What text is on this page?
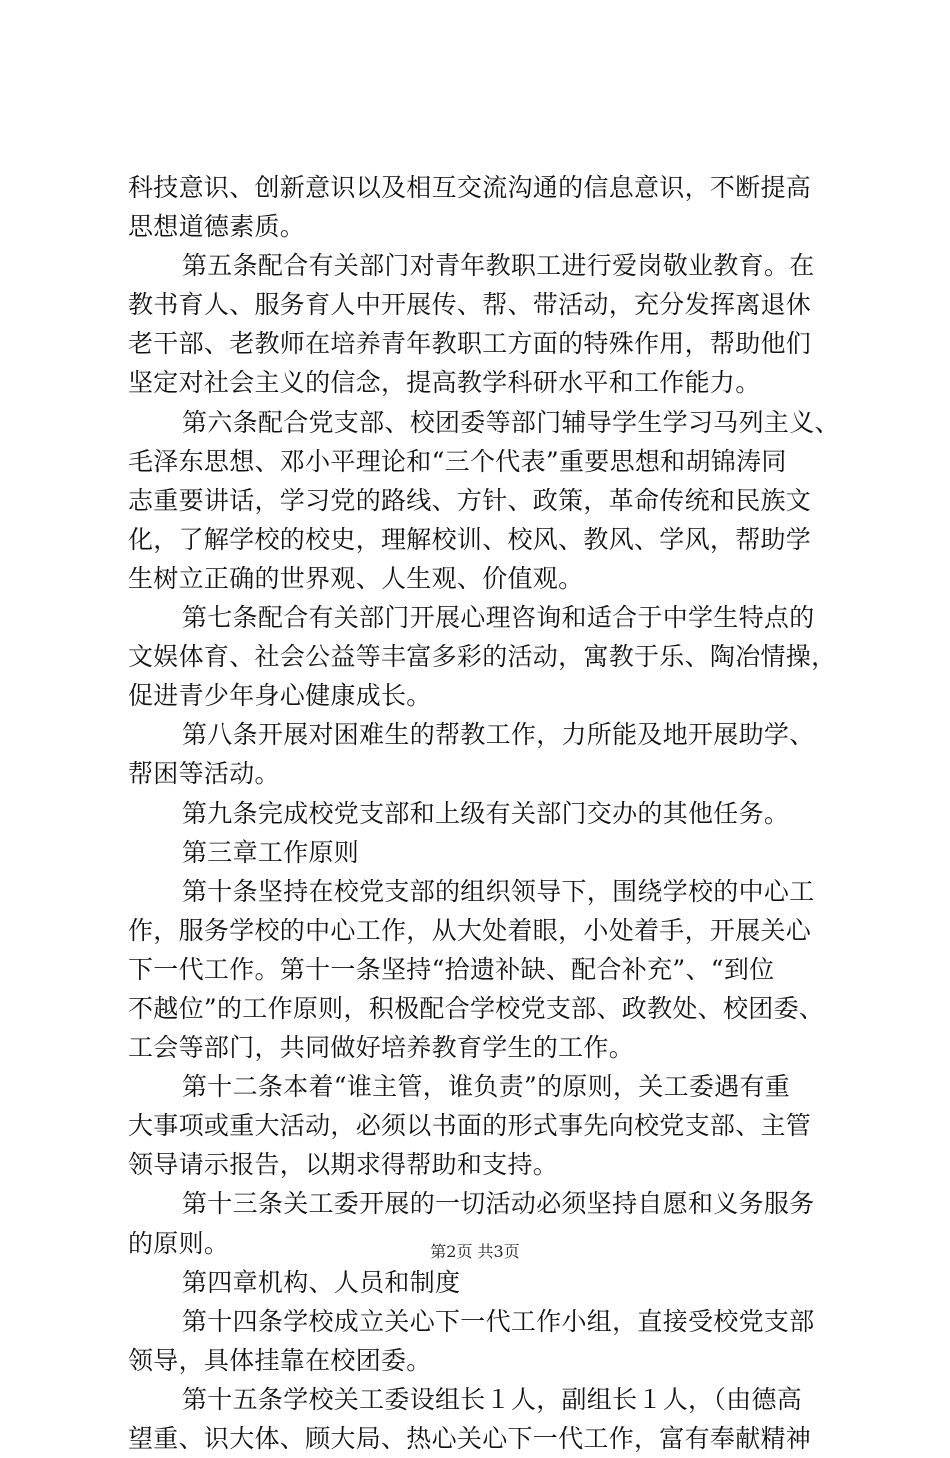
科技意识、创新意识以及相互交流沟通的信息意识，不断提高
思想道德素质。
第五条配合有关部门对青年教职工进行爱岗敬业教育。在
教书育人、服务育人中开展传、帮、带活动，充分发挥离退休
老干部、老教师在培养青年教职工方面的特殊作用，帮助他们
坚定对社会主义的信念，提高教学科研水平和工作能力。
第六条配合党支部、校团委等部门辅导学生学习马列主义、
毛泽东思想、邓小平理论和“三个代表”重要思想和胡锦涛同
志重要讲话，学习党的路线、方针、政策，革命传统和民族文
化，了解学校的校史，理解校训、校风、教风、学风，帮助学
生树立正确的世界观、人生观、价值观。
第七条配合有关部门开展心理咨询和适合于中学生特点的
文娱体育、社会公益等丰富多彩的活动，寓教于乐、陶冶情操，
促进青少年身心健康成长。
第八条开展对困难生的帮教工作，力所能及地开展助学、
帮困等活动。
第九条完成校党支部和上级有关部门交办的其他任务。
第三章工作原则
第十条坚持在校党支部的组织领导下，围绕学校的中心工
作，服务学校的中心工作，从大处着眼，小处着手，开展关心
下一代工作。第十一条坚持“拾遗补缺、配合补充”、“到位
不越位”的工作原则，积极配合学校党支部、政教处、校团委、
工会等部门，共同做好培养教育学生的工作。
第十二条本着“谁主管，谁负责”的原则，关工委遇有重
大事项或重大活动，必须以书面的形式事先向校党支部、主管
领导请示报告，以期求得帮助和支持。
第十三条关工委开展的一切活动必须坚持自愿和义务服务
的原则。
第四章机构、人员和制度
第十四条学校成立关心下一代工作小组，直接受校党支部
领导，具体挂靠在校团委。
第十五条学校关工委设组长１人，副组长１人，（由德高
望重、识大体、顾大局、热心关心下一代工作，富有奉献精神
第2页 共3页
